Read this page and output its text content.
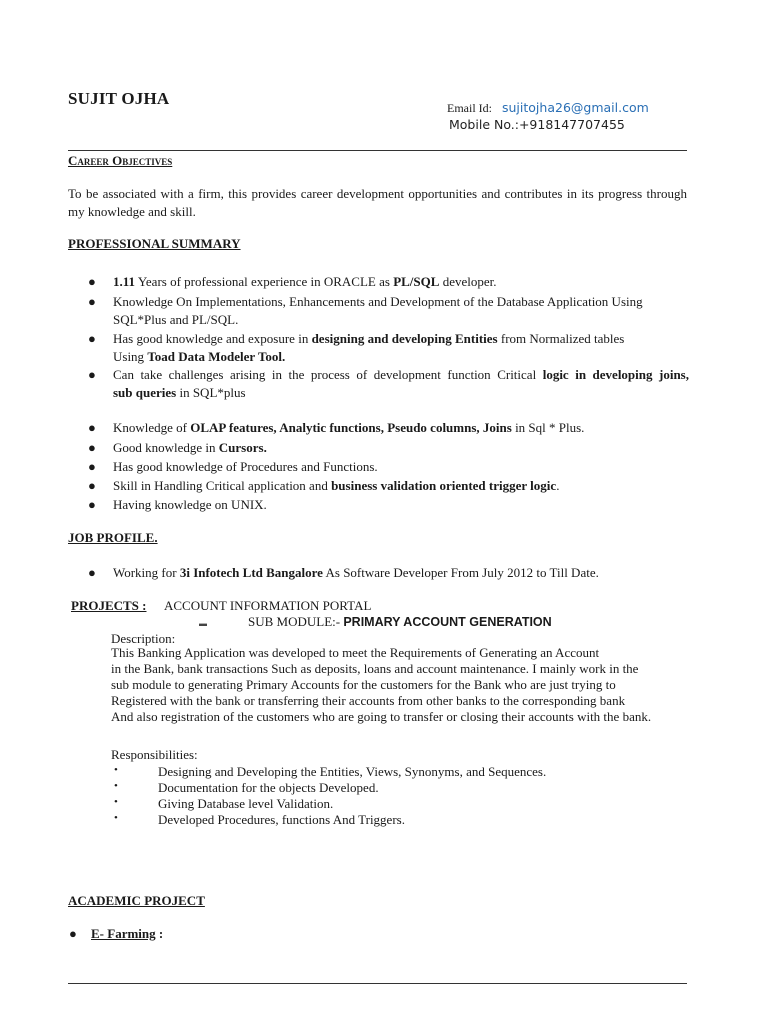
SUJIT OJHA	Email Id: sujitojha26@gmail.com
Mobile No.:+918147707455
Career Objectives
To be associated with a firm, this provides career development opportunities and contributes in its progress through my knowledge and skill.
PROFESSIONAL SUMMARY
● 1.11 Years of professional experience in ORACLE as PL/SQL developer.
● Knowledge On Implementations, Enhancements and Development of the Database Application Using
SQL*Plus and PL/SQL.
● Has good knowledge and exposure in designing and developing Entities from Normalized tables
Using Toad Data Modeler Tool.
● Can take challenges arising in the process of development function Critical logic in developing joins,
sub queries in SQL*plus
● Knowledge of OLAP features, Analytic functions, Pseudo columns, Joins in Sql * Plus.
● Good knowledge in Cursors.
● Has good knowledge of Procedures and Functions.
● Skill in Handling Critical application and business validation oriented trigger logic.
● Having knowledge on UNIX.
JOB PROFILE.
● Working for 3i Infotech Ltd Bangalore As Software Developer From July 2012 to Till Date.
PROJECTS : ACCOUNT INFORMATION PORTAL
▬	SUB MODULE:- PRIMARY ACCOUNT GENERATION
Description:
This Banking Application was developed to meet the Requirements of Generating an Account
in the Bank, bank transactions Such as deposits, loans and account maintenance. I mainly work in the
sub module to generating Primary Accounts for the customers for the Bank who are just trying to
Registered with the bank or transferring their accounts from other banks to the corresponding bank
And also registration of the customers who are going to transfer or closing their accounts with the bank.
Responsibilities:
•	Designing and Developing the Entities, Views, Synonyms, and Sequences.
•	Documentation for the objects Developed.
•	Giving Database level Validation.
•	Developed Procedures, functions And Triggers.
ACADEMIC PROJECT
● E- Farming :
